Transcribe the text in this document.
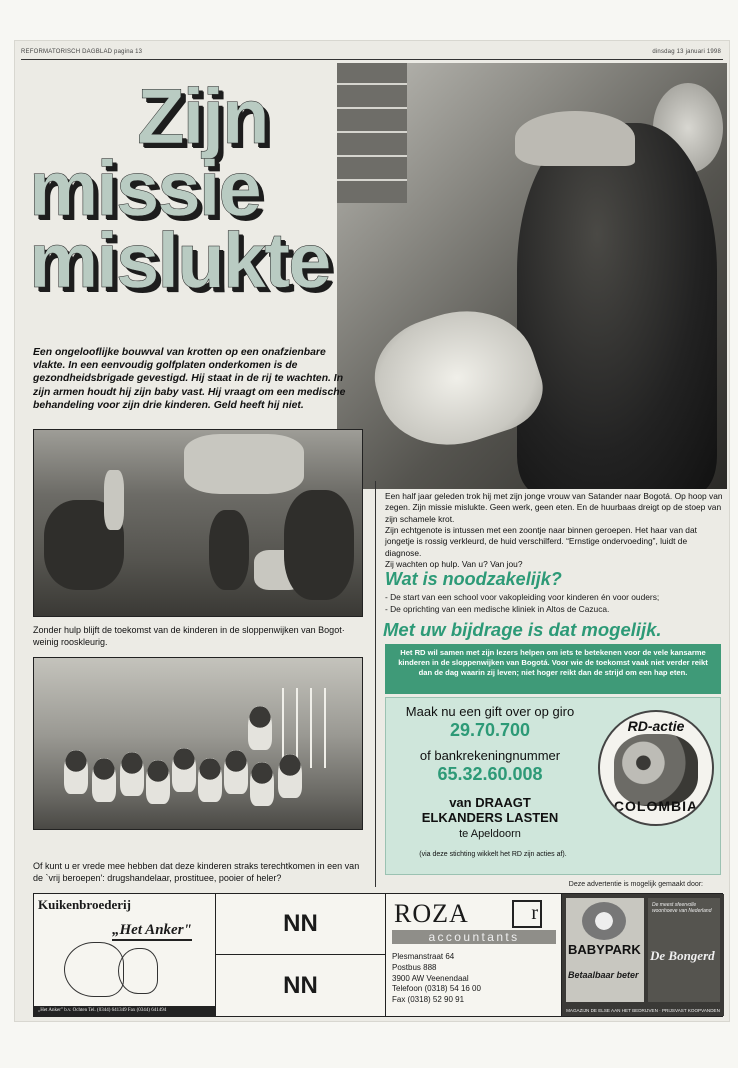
REFORMATORISCH DAGBLAD pagina 13	dinsdag 13 januari 1998
Zijn
missie
mislukte
Een ongelooflijke bouwval van krotten op een onafzienbare vlakte. In een eenvoudig golfplaten onderkomen is de gezondheidsbrigade gevestigd. Hij staat in de rij te wachten. In zijn armen houdt hij zijn baby vast. Hij vraagt om een medische behandeling voor zijn drie kinderen. Geld heeft hij niet.
Zonder hulp blijft de toekomst van de kinderen in de sloppenwijken van Bogot· weinig rooskleurig.
Of kunt u er vrede mee hebben dat deze kinderen straks terechtkomen in een van de `vrij beroepen': drugshandelaar, prostituee, pooier of heler?

Een half jaar geleden trok hij met zijn jonge vrouw van Satander naar Bogotá. Op hoop van zegen. Zijn missie mislukte. Geen werk, geen eten. En de huurbaas dreigt op de stoep van zijn schamele krot.

Zijn echtgenote is intussen met een zoontje naar binnen geroepen. Het haar van dat jongetje is rossig verkleurd, de huid verschilferd. “Ernstige ondervoeding”, luidt de diagnose.

Zij wachten op hulp. Van u? Van jou?

Wat is noodzakelijk?
- De start van een school voor vakopleiding voor kinderen én voor ouders;
- De oprichting van een medische kliniek in Altos de Cazuca.
Met uw bijdrage is dat mogelijk.
Het RD wil samen met zijn lezers helpen om iets te betekenen voor de vele kansarme kinderen in de sloppenwijken van Bogotá. Voor wie de toekomst vaak niet verder reikt dan de dag waarin zij leven; niet hoger reikt dan de strijd om een hap eten.
Maak nu een gift over op giro
29.70.700
of bankrekeningnummer
65.32.60.008
van DRAAGT
ELKANDERS LASTEN
te Apeldoorn
(via deze stichting wikkelt het RD zijn acties af).
RD-actie
COLOMBIA
Deze advertentie is mogelijk gemaakt door:
Kuikenbroederij
„Het Anker"
„Het Anker" b.v. Ochten Tel. (0344) 641349 Fax (0344) 641494
NN
NN
ROZA	r
accountants
Plesmanstraat 64
Postbus 888
3900 AW Veenendaal
Telefoon (0318) 54 16 00
Fax (0318) 52 90 91
BABYPARK
Betaalbaar beter
De meest sfeervolle woonhoeve van Nederland
De Bongerd
MAGAZIJN DE ELSE AAN HET BEDRIJVEN · PRIJSVAST KOOPVANDEN
